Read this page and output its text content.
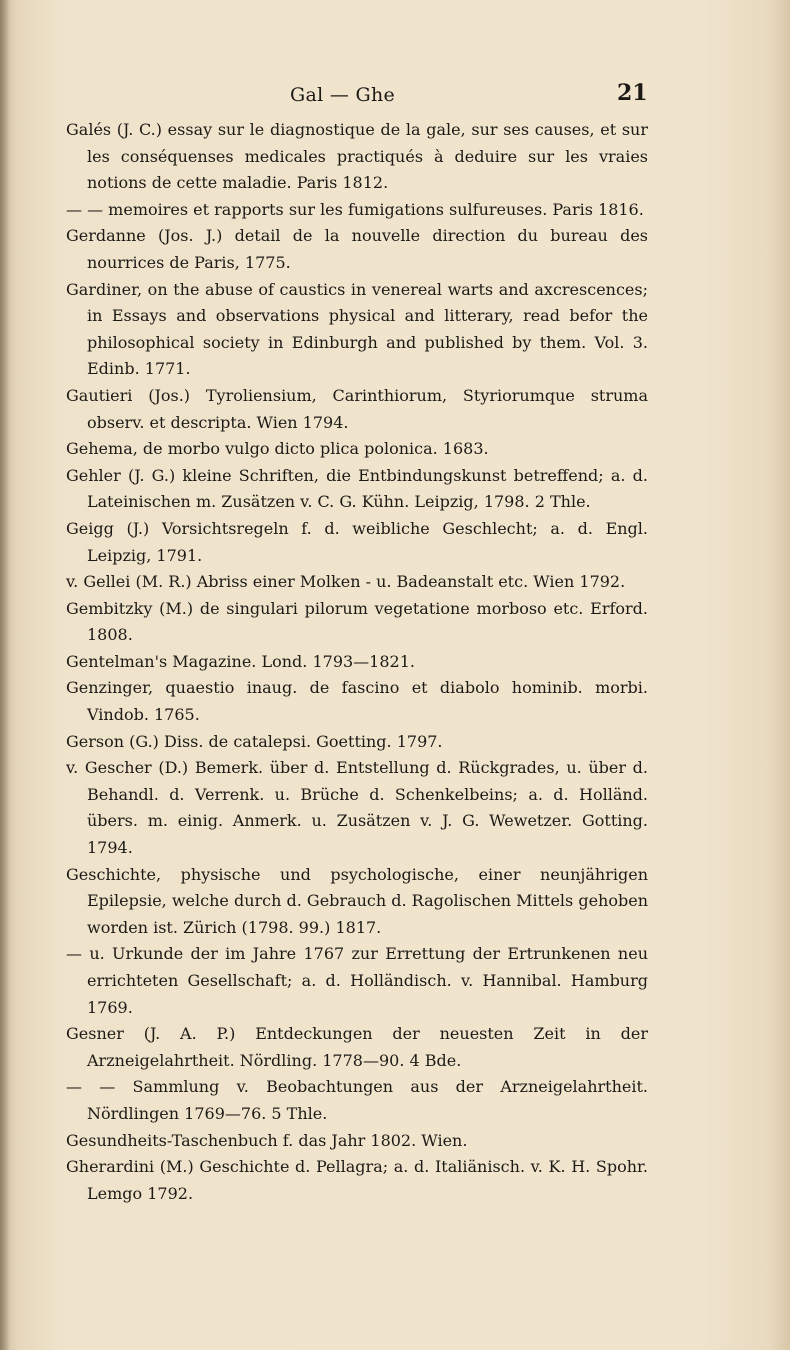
Gal — Ghe	21
Galés (J. C.) essay sur le diagnostique de la gale, sur ses causes, et sur les conséquenses medicales practiqués à deduire sur les vraies notions de cette maladie. Paris 1812.
— — memoires et rapports sur les fumigations sulfureuses. Paris 1816.
Gerdanne (Jos. J.) detail de la nouvelle direction du bureau des nourrices de Paris, 1775.
Gardiner, on the abuse of caustics in venereal warts and axcrescences; in Essays and observations physical and litterary, read befor the philosophical society in Edinburgh and published by them. Vol. 3. Edinb. 1771.
Gautieri (Jos.) Tyroliensium, Carinthiorum, Styriorumque struma observ. et descripta. Wien 1794.
Gehema, de morbo vulgo dicto plica polonica. 1683.
Gehler (J. G.) kleine Schriften, die Entbindungskunst betreffend; a. d. Lateinischen m. Zusätzen v. C. G. Kühn. Leipzig, 1798. 2 Thle.
Geigg (J.) Vorsichtsregeln f. d. weibliche Geschlecht; a. d. Engl. Leipzig, 1791.
v. Gellei (M. R.) Abriss einer Molken - u. Badeanstalt etc. Wien 1792.
Gembitzky (M.) de singulari pilorum vegetatione morboso etc. Erford. 1808.
Gentelman's Magazine. Lond. 1793—1821.
Genzinger, quaestio inaug. de fascino et diabolo hominib. morbi. Vindob. 1765.
Gerson (G.) Diss. de catalepsi. Goetting. 1797.
v. Gescher (D.) Bemerk. über d. Entstellung d. Rückgrades, u. über d. Behandl. d. Verrenk. u. Brüche d. Schenkelbeins; a. d. Holländ. übers. m. einig. Anmerk. u. Zusätzen v. J. G. Wewetzer. Gotting. 1794.
Geschichte, physische und psychologische, einer neunjährigen Epilepsie, welche durch d. Gebrauch d. Ragolischen Mittels gehoben worden ist. Zürich (1798. 99.) 1817.
— u. Urkunde der im Jahre 1767 zur Errettung der Ertrunkenen neu errichteten Gesellschaft; a. d. Holländisch. v. Hannibal. Hamburg 1769.
Gesner (J. A. P.) Entdeckungen der neuesten Zeit in der Arzneigelahrtheit. Nördling. 1778—90. 4 Bde.
— — Sammlung v. Beobachtungen aus der Arzneigelahrtheit. Nördlingen 1769—76. 5 Thle.
Gesundheits-Taschenbuch f. das Jahr 1802. Wien.
Gherardini (M.) Geschichte d. Pellagra; a. d. Italiänisch. v. K. H. Spohr. Lemgo 1792.
